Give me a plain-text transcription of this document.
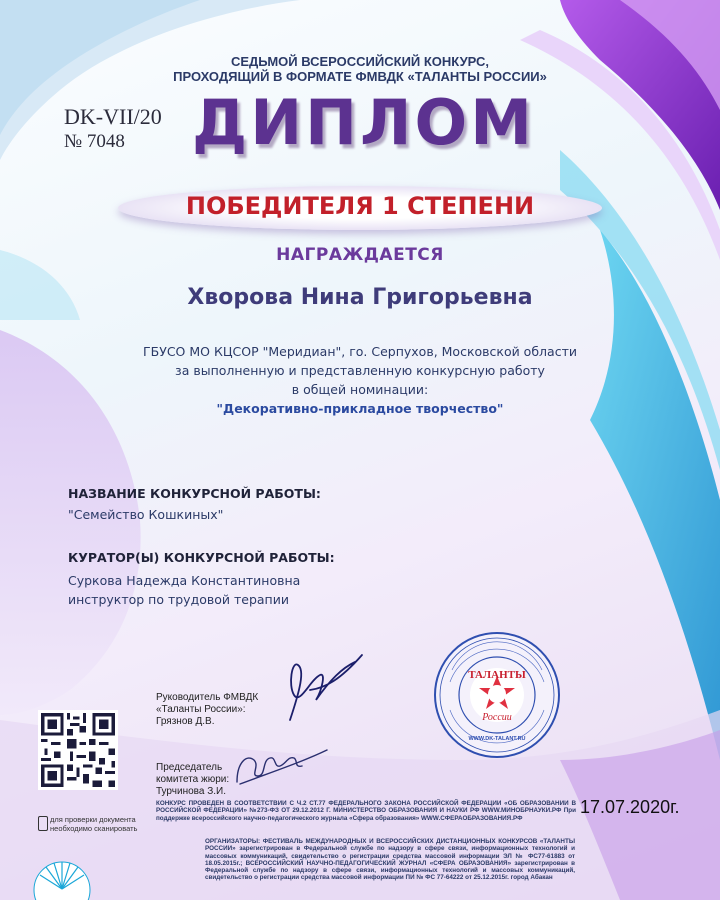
СЕДЬМОЙ ВСЕРОССИЙСКИЙ КОНКУРС,
ПРОХОДЯЩИЙ В ФОРМАТЕ ФМВДК «ТАЛАНТЫ РОССИИ»
DK-VII/20
№ 7048 ДИПЛОМ
ПОБЕДИТЕЛЯ 1 СТЕПЕНИ
НАГРАЖДАЕТСЯ
Хворова Нина Григорьевна
ГБУСО МО КЦСОР "Меридиан", го. Серпухов, Московской области
за выполненную и представленную конкурсную работу
в общей номинации:
"Декоративно-прикладное творчество"
НАЗВАНИЕ КОНКУРСНОЙ РАБОТЫ:
"Семейство Кошкиных"
КУРАТОР(Ы) КОНКУРСНОЙ РАБОТЫ:
Суркова Надежда Константиновна
инструктор по трудовой терапии
Руководитель ФМВДК
«Таланты России»:
Грязнов Д.В.
Председатель
комитета жюри:
Турчинова З.И.
для проверки документа
необходимо сканировать
КОНКУРС ПРОВЕДЕН В СООТВЕТСТВИИ С Ч.2 СТ.77 ФЕДЕРАЛЬНОГО ЗАКОНА РОССИЙСКОЙ ФЕДЕРАЦИИ «ОБ ОБРАЗОВАНИИ В РОССИЙСКОЙ ФЕДЕРАЦИИ» №273-ФЗ ОТ 29.12.2012 Г. МИНИСТЕРСТВО ОБРАЗОВАНИЯ И НАУКИ РФ WWW.МИНОБРНАУКИ.РФ При поддержке всероссийского научно-педагогического журнала «Сфера образования» WWW.СФЕРАОБРАЗОВАНИЯ.РФ
ОРГАНИЗАТОРЫ: ФЕСТИВАЛЬ МЕЖДУНАРОДНЫХ И ВСЕРОССИЙСКИХ ДИСТАНЦИОННЫХ КОНКУРСОВ «ТАЛАНТЫ РОССИИ» зарегистрирован в Федеральной службе по надзору в сфере связи, информационных технологий и массовых коммуникаций, свидетельство о регистрации средства массовой информации ЭЛ № ФС77-61883 от 18.05.2015г.; ВСЕРОССИЙСКИЙ НАУЧНО-ПЕДАГОГИЧЕСКИЙ ЖУРНАЛ «СФЕРА ОБРАЗОВАНИЯ» зарегистрирован в Федеральной службе по надзору в сфере связи, информационных технологий и массовых коммуникаций, свидетельство о регистрации средства массовой информации ПИ № ФС 77-64222 от 25.12.2015г. город Абакан
17.07.2020г.
ТАЛАНТЫ
России
WWW.DK-TALANT.RU
